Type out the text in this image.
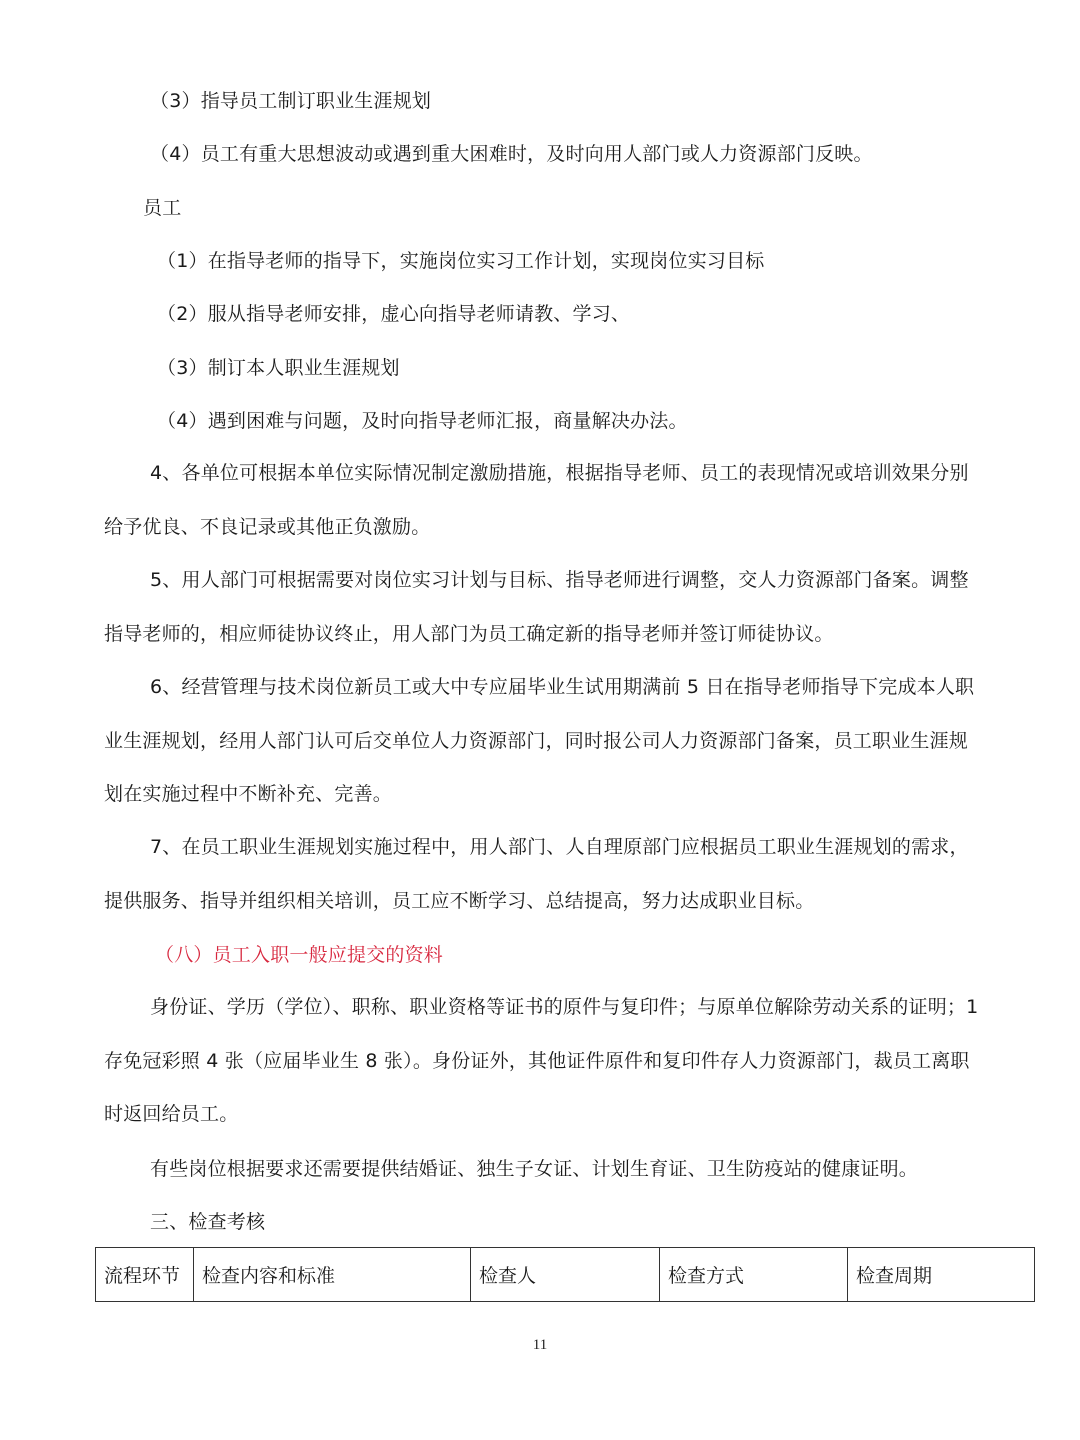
（3）指导员工制订职业生涯规划
（4）员工有重大思想波动或遇到重大困难时，及时向用人部门或人力资源部门反映。
员工
（1）在指导老师的指导下，实施岗位实习工作计划，实现岗位实习目标
（2）服从指导老师安排，虚心向指导老师请教、学习、
（3）制订本人职业生涯规划
（4）遇到困难与问题，及时向指导老师汇报，商量解决办法。
4、各单位可根据本单位实际情况制定激励措施，根据指导老师、员工的表现情况或培训效果分别给予优良、不良记录或其他正负激励。
5、用人部门可根据需要对岗位实习计划与目标、指导老师进行调整，交人力资源部门备案。调整指导老师的，相应师徒协议终止，用人部门为员工确定新的指导老师并签订师徒协议。
6、经营管理与技术岗位新员工或大中专应届毕业生试用期满前 5 日在指导老师指导下完成本人职业生涯规划，经用人部门认可后交单位人力资源部门，同时报公司人力资源部门备案，员工职业生涯规划在实施过程中不断补充、完善。
7、在员工职业生涯规划实施过程中，用人部门、人自理原部门应根据员工职业生涯规划的需求，提供服务、指导并组织相关培训，员工应不断学习、总结提高，努力达成职业目标。
（八）员工入职一般应提交的资料
身份证、学历（学位）、职称、职业资格等证书的原件与复印件；与原单位解除劳动关系的证明；1 存免冠彩照 4 张（应届毕业生 8 张）。身份证外，其他证件原件和复印件存人力资源部门，裁员工离职时返回给员工。
有些岗位根据要求还需要提供结婚证、独生子女证、计划生育证、卫生防疫站的健康证明。
三、检查考核
流程环节	检查内容和标准	检查人	检查方式	检查周期
11
